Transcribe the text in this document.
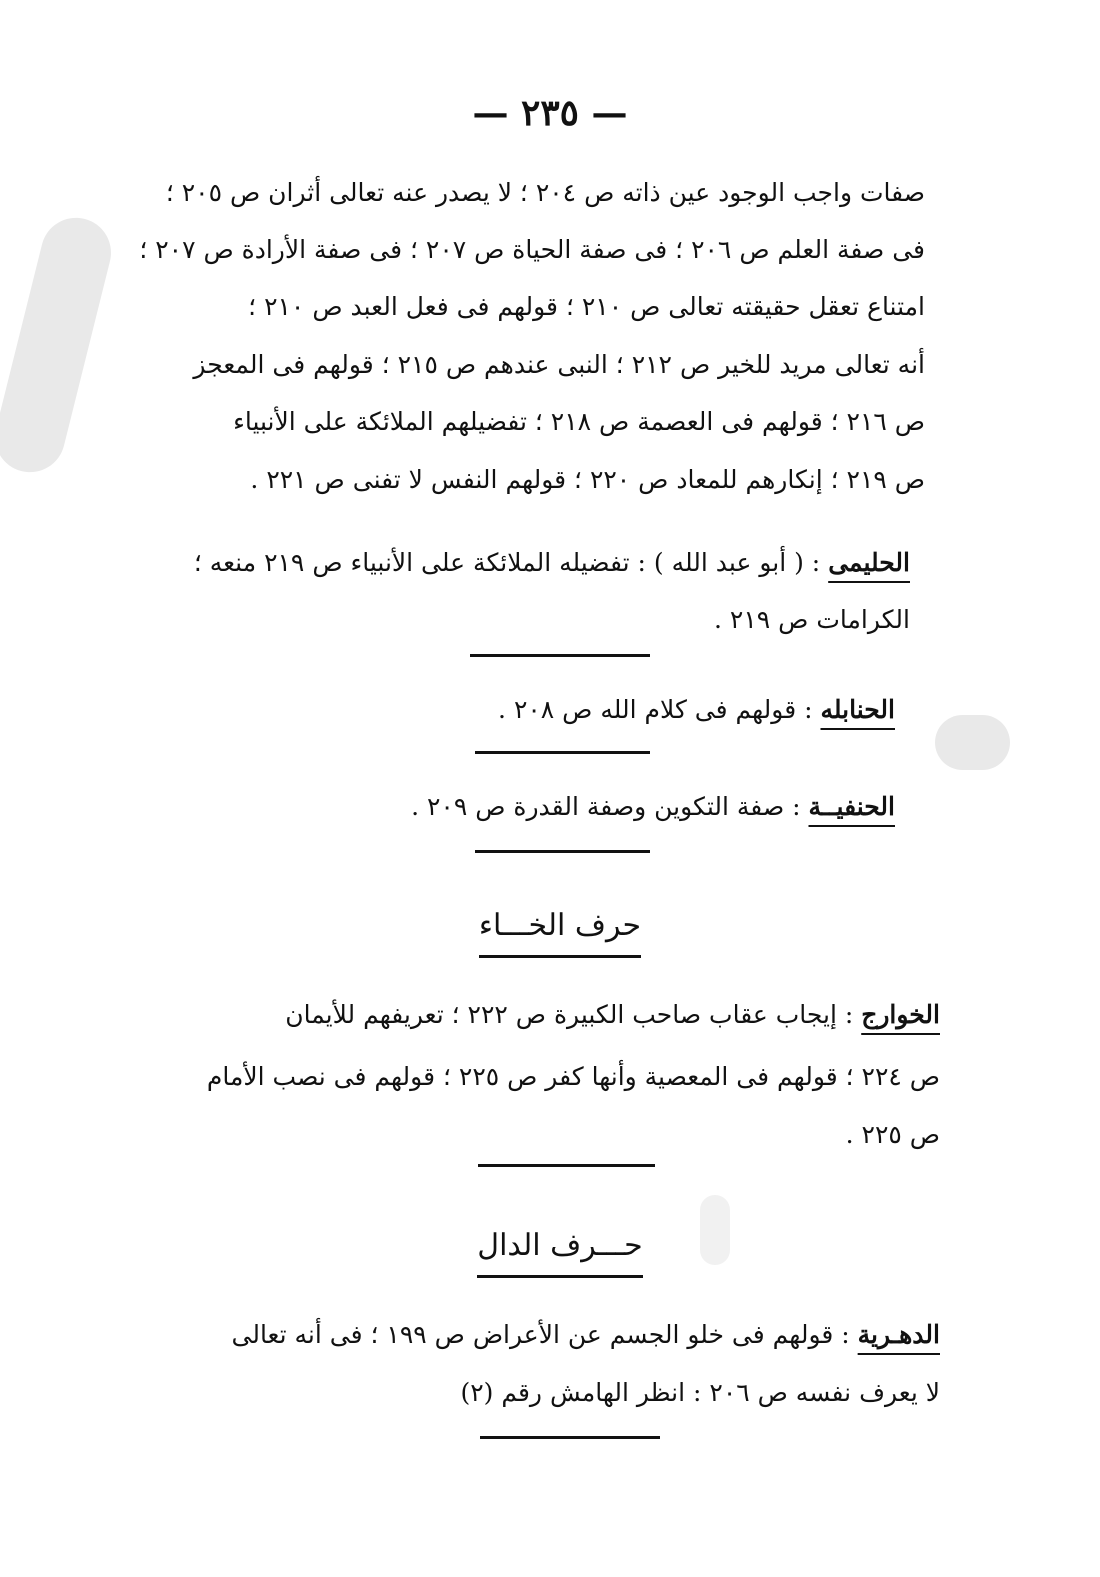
— ٢٣٥ —
صفات واجب الوجود عين ذاته ص ٢٠٤ ؛ لا يصدر عنه تعالى أثران ص ٢٠٥ ؛
فى صفة العلم ص ٢٠٦ ؛ فى صفة الحياة ص ٢٠٧ ؛ فى صفة الأرادة ص ٢٠٧ ؛
امتناع تعقل حقيقته تعالى ص ٢١٠ ؛ قولهم فى فعل العبد ص ٢١٠ ؛
أنه تعالى مريد للخير ص ٢١٢ ؛ النبى عندهم ص ٢١٥ ؛ قولهم فى المعجز
ص ٢١٦ ؛ قولهم فى العصمة ص ٢١٨ ؛ تفضيلهم الملائكة على الأنبياء
ص ٢١٩ ؛ إنكارهم للمعاد ص ٢٢٠ ؛ قولهم النفس لا تفنى ص ٢٢١ .
الحليمى : ( أبو عبد الله ) : تفضيله الملائكة على الأنبياء ص ٢١٩ منعه ؛
الكرامات ص ٢١٩ .
الحنابله : قولهم فى كلام الله ص ٢٠٨ .
الحنفيــة : صفة التكوين وصفة القدرة ص ٢٠٩ .
حرف الخـــاء
الخوارج : إيجاب عقاب صاحب الكبيرة ص ٢٢٢ ؛ تعريفهم للأيمان
ص ٢٢٤ ؛ قولهم فى المعصية وأنها كفر ص ٢٢٥ ؛ قولهم فى نصب الأمام
ص ٢٢٥ .
حـــرف الدال
الدهـرية : قولهم فى خلو الجسم عن الأعراض ص ١٩٩ ؛ فى أنه تعالى
لا يعرف نفسه ص ٢٠٦ : انظر الهامش رقم (٢)
